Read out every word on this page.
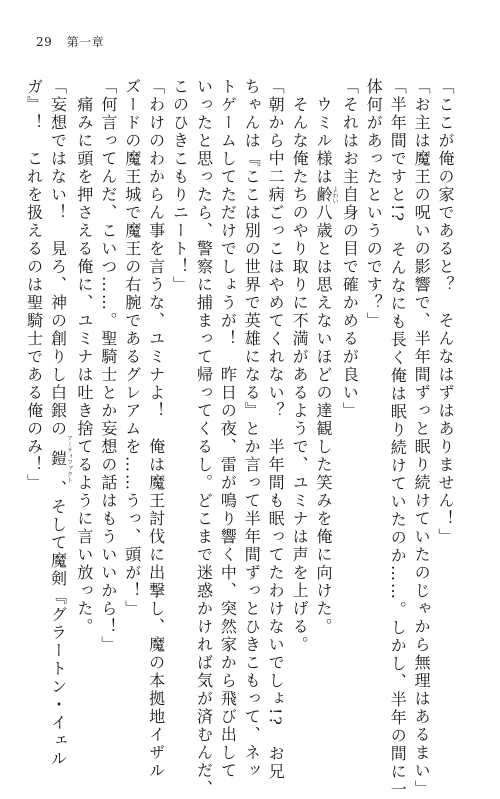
29 第一章
「ここが俺の家であると？　そんなはずはありません！」
「お主は魔王の呪いの影響で、半年間ずっと眠り続けていたのじゃから無理はあるまい」
「半年間ですと!?　そんなにも長く俺は眠り続けていたのか……。しかし、半年の間に一
体何があったというのです？」
「それはお主自身の目で確かめるが良い」
　ウミル様は齢よわい八歳とは思えないほどの達観した笑みを俺に向けた。
　そんな俺たちのやり取りに不満があるようで、ユミナは声を上げる。
「朝から中二病ごっこはやめてくれない？　半年間も眠ってたわけないでしょ!?　お兄
ちゃんは『ここは別の世界で英雄になる』とか言って半年間ずっとひきこもって、ネッ
トゲームしてただけでしょうが！　昨日の夜、雷が鳴り響く中、突然家から飛び出して
いったと思ったら、警察に捕まって帰ってくるし。どこまで迷惑かければ気が済むんだ、
このひきこもりニート！」
「わけのわからん事を言うな、ユミナよ！　俺は魔王討伐に出撃し、魔の本拠地イザル
ズードの魔王城で魔王の右腕であるグレアムを……うっ、頭が！」
「何言ってんだ、こいつ……。聖騎士とか妄想の話はもういいから！」
　痛みに頭を押さえる俺に、ユミナは吐き捨てるように言い放った。
「妄想ではない！　見ろ、神の創りし白銀の鎧アーティファクト、そして魔剣『グラートン・イェル
ガ』！　これを扱えるのは聖騎士である俺のみ！」
